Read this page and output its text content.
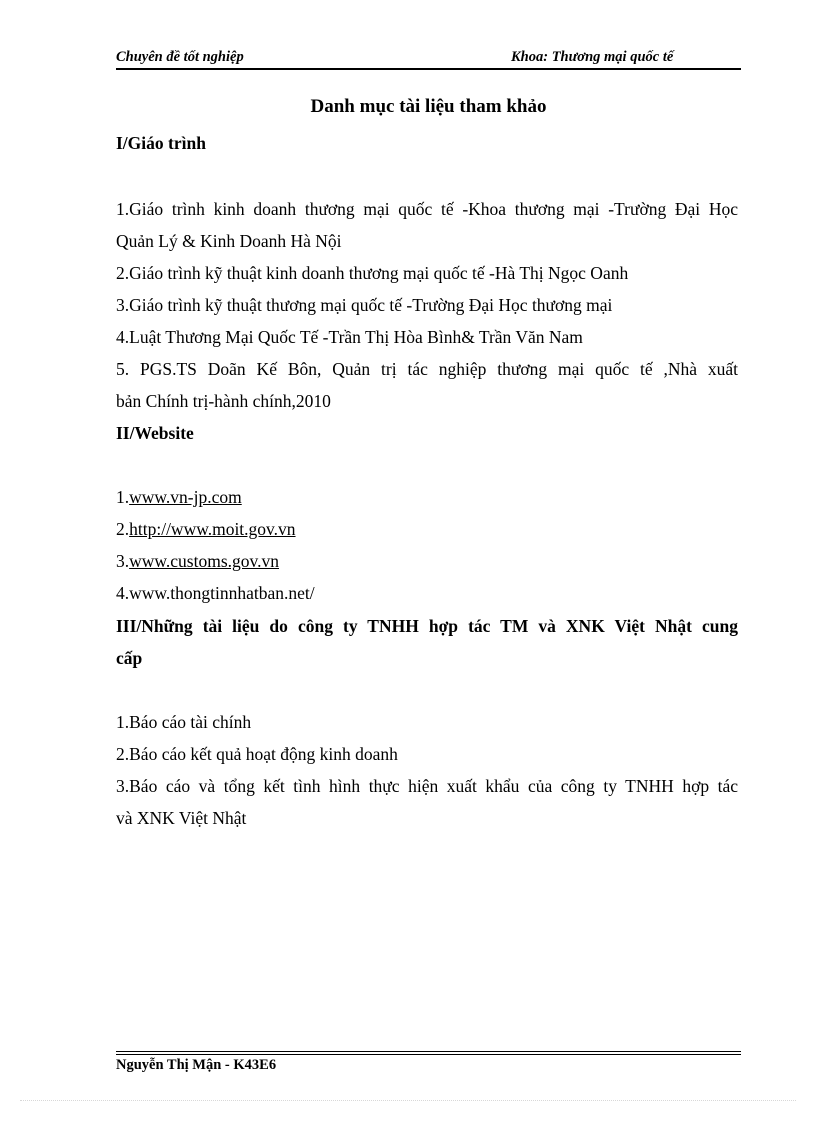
Chuyên đề tốt nghiệp	Khoa: Thương mại quốc tế
Danh mục tài liệu tham khảo
I/Giáo trình
1.Giáo trình kinh doanh thương mại quốc tế -Khoa thương mại -Trường Đại Học
Quản Lý & Kinh Doanh Hà Nội
2.Giáo trình kỹ thuật kinh doanh thương mại quốc tế -Hà Thị Ngọc Oanh
3.Giáo trình kỹ thuật thương mại quốc tế -Trường Đại Học thương mại
4.Luật Thương Mại Quốc Tế -Trần Thị Hòa Bình& Trần Văn Nam
5. PGS.TS Doãn Kế Bôn, Quản trị tác nghiệp thương mại quốc tế ,Nhà xuất
bản Chính trị-hành chính,2010
II/Website
1.www.vn-jp.com
2.http://www.moit.gov.vn
3.www.customs.gov.vn
4.www.thongtinnhatban.net/
III/Những tài liệu do công ty TNHH hợp tác TM và XNK Việt Nhật cung
cấp
1.Báo cáo tài chính
2.Báo cáo kết quả hoạt động kinh doanh
3.Báo cáo và tổng kết tình hình thực hiện xuất khẩu của công ty TNHH hợp tác
và XNK Việt Nhật
Nguyễn Thị Mận - K43E6
